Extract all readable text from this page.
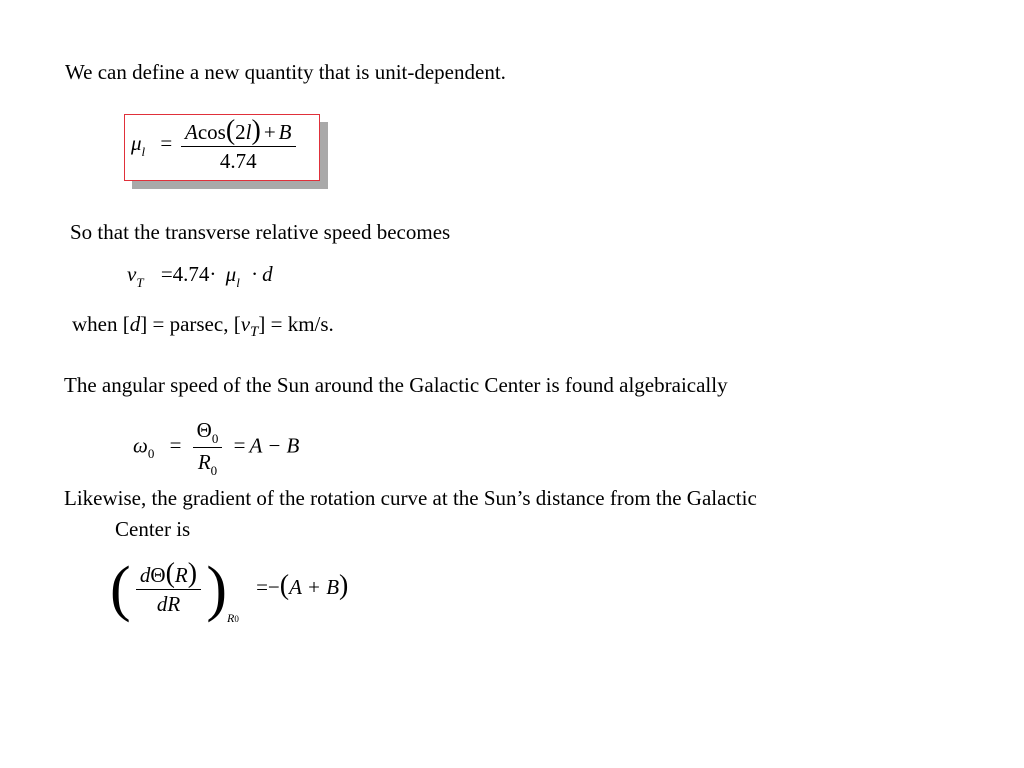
We can define a new quantity that is unit-dependent.
$\mu_l = \frac{Acos(2l) + B}{4.74}$
So that the transverse relative speed becomes
$v_T =4.74\cdot \mu_l \cdot d$
when [d] = parsec, $[v_T] = km/s$.
The angular speed of the Sun around the Galactic Center is found algebraically
$\omega_0 = \frac{\Theta_0}{R_0} = A - B$
Likewise, the gradient of the rotation curve at the Sun’s distance from the Galactic
Center is
( $\frac{d\Theta(R)}{dR} )_{R0} =-(A + B)$
